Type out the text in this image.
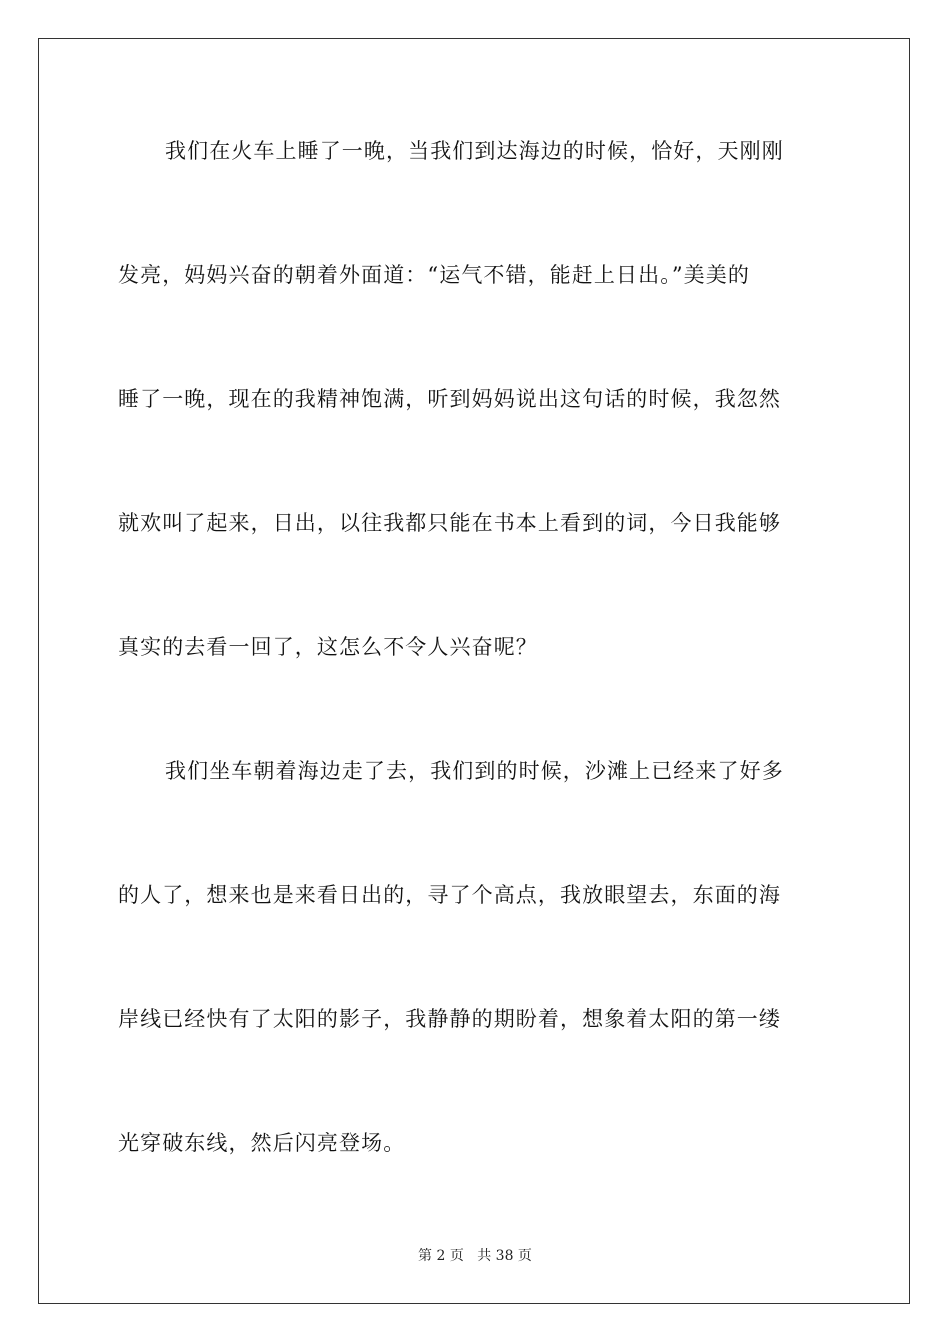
我们在火车上睡了一晚，当我们到达海边的时候，恰好，天刚刚
发亮，妈妈兴奋的朝着外面道：“运气不错，能赶上日出。”美美的
睡了一晚，现在的我精神饱满，听到妈妈说出这句话的时候，我忽然
就欢叫了起来，日出，以往我都只能在书本上看到的词，今日我能够
真实的去看一回了，这怎么不令人兴奋呢？
我们坐车朝着海边走了去，我们到的时候，沙滩上已经来了好多
的人了，想来也是来看日出的，寻了个高点，我放眼望去，东面的海
岸线已经快有了太阳的影子，我静静的期盼着，想象着太阳的第一缕
光穿破东线，然后闪亮登场。
第 2 页 共 38 页
